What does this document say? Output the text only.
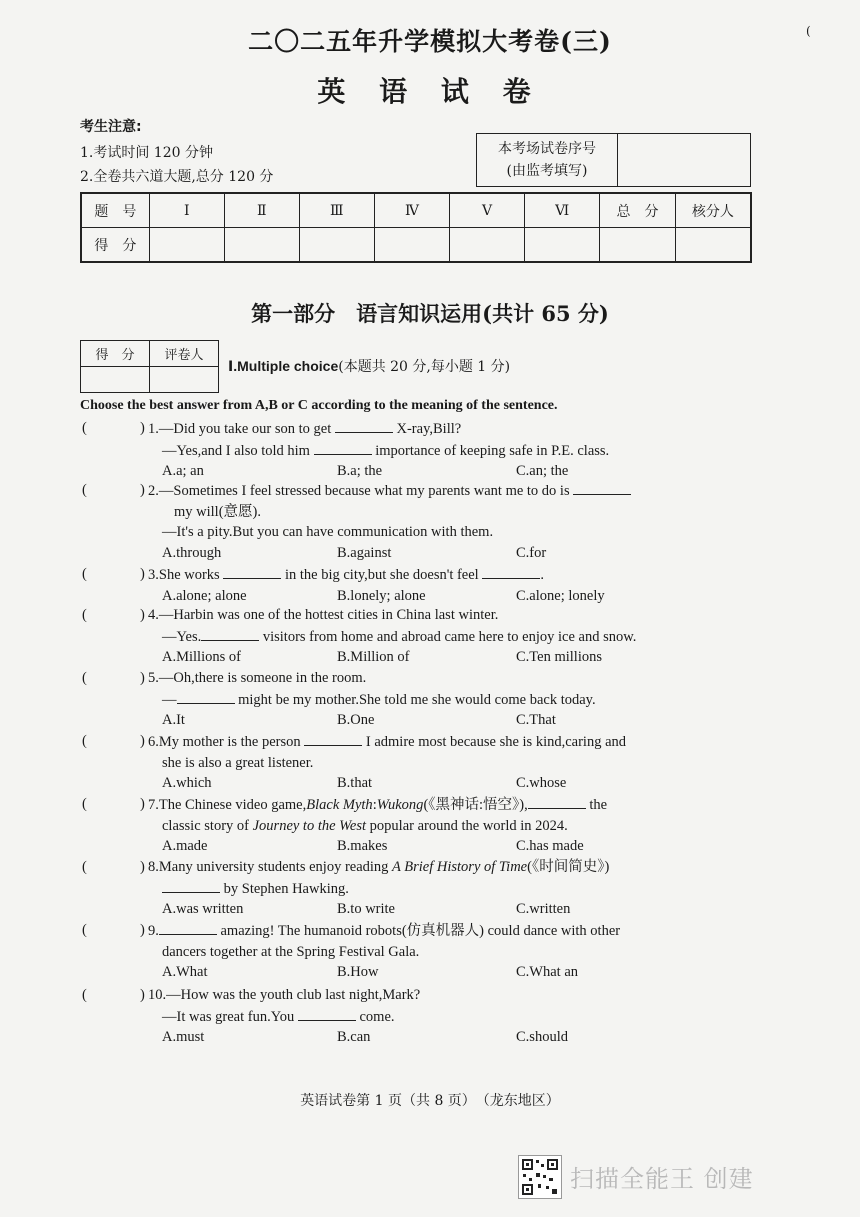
(
二〇二五年升学模拟大考卷(三)
英 语 试 卷
考生注意:
1.考试时间 120 分钟
2.全卷共六道大题,总分 120 分
本考场试卷序号
(由监考填写)

题　号	Ⅰ	Ⅱ	Ⅲ	Ⅳ	Ⅴ	Ⅵ	总　分	核分人
得　分								
第一部分　语言知识运用(共计 65 分)
得　分	评卷人

Ⅰ.Multiple choice(本题共 20 分,每小题 1 分)
Choose the best answer from A,B or C according to the meaning of the sentence.
(	) 1.—Did you take our son to get	X-ray,Bill?
—Yes,and I also told him	importance of keeping safe in P.E. class.
A.a; an	B.a; the	C.an; the
(	) 2.—Sometimes I feel stressed because what my parents want me to do is
my will(意愿).
—It's a pity.But you can have communication with them.
A.through	B.against	C.for
(	) 3.She works	in the big city,but she doesn't feel	.
A.alone; alone	B.lonely; alone	C.alone; lonely
(	) 4.—Harbin was one of the hottest cities in China last winter.
—Yes.	visitors from home and abroad came here to enjoy ice and snow.
A.Millions of	B.Million of	C.Ten millions
(	) 5.—Oh,there is someone in the room.
—	might be my mother.She told me she would come back today.
A.It	B.One	C.That
(	) 6.My mother is the person	I admire most because she is kind,caring and
she is also a great listener.
A.which	B.that	C.whose
(	) 7.The Chinese video game,Black Myth:Wukong(《黑神话:悟空》),	the
classic story of Journey to the West popular around the world in 2024.
A.made	B.makes	C.has made
(	) 8.Many university students enjoy reading A Brief History of Time(《时间简史》)
by Stephen Hawking.
A.was written	B.to write	C.written
(	) 9.	amazing! The humanoid robots(仿真机器人) could dance with other
dancers together at the Spring Festival Gala.
A.What	B.How	C.What an
(	) 10.—How was the youth club last night,Mark?
—It was great fun.You	come.
A.must	B.can	C.should
英语试卷第 1 页（共 8 页）　（龙东地区）
扫描全能王 创建
